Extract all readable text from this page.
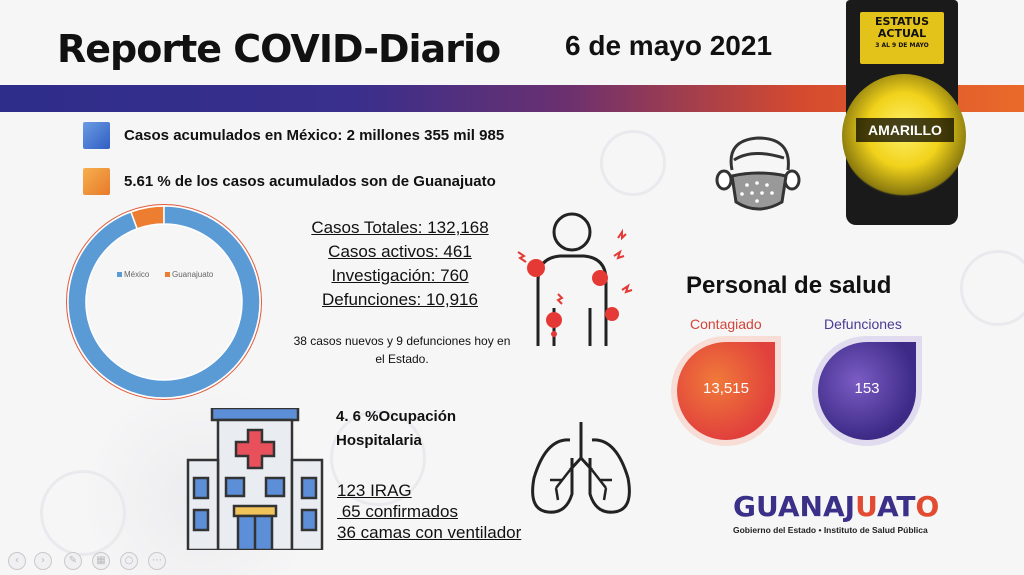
Reporte COVID-Diario 6 de mayo 2021
ESTATUS ACTUAL
3 AL 9 DE MAYO
AMARILLO
Casos acumulados en México: 2 millones 355 mil 985
5.61 % de los casos acumulados son de Guanajuato
México	Guanajuato
Casos Totales: 132,168
Casos activos: 461
Investigación: 760
Defunciones: 10,916
38 casos nuevos y 9 defunciones hoy en el Estado.
4. 6 %Ocupación
Hospitalaria
123 IRAG
65 confirmados
36 camas con ventilador
Personal de salud
Contagiado	Defunciones
13,515	153
GUANAJUATO
Gobierno del Estado • Instituto de Salud Pública
‹	›	✎	▦	○	⋯
